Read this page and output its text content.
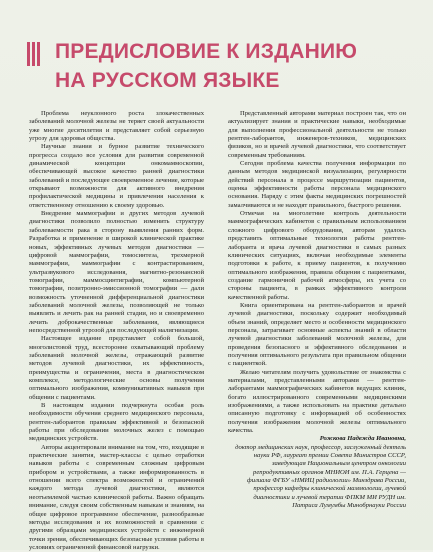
ПРЕДИСЛОВИЕ К ИЗДАНИЮ
НА РУССКОМ ЯЗЫКЕ

Проблема неуклонного роста злокачественных заболеваний молочной железы не теряет своей актуальности уже многие десятилетия и представляет собой серьезную угрозу для здоровья общества.

Научные знания и бурное развитие технического прогресса создало все условия для развития современной динамической концепции онкомаммоскопии, обеспечивающей высокое качество ранней диагностики заболеваний и последующее своевременное лечение, которые открывают возможности для активного внедрения профилактической медицины и привлечения населения к ответственному отношению к своему здоровью.

Внедрение маммографии и других методов лучевой диагностики позволило полностью изменить структуру заболеваемости рака в сторону выявления ранних форм. Разработка и применение в широкой клинической практике новых, эффективных лучевых методов диагностики — цифровой маммографии, томосинтеза, трехмерной маммографии, маммографии с контрастированием, ультразвукового исследования, магнитно-резонансной томографии, маммосцинтиграфии, компьютерной томографии, позитронно-эмиссионной томографии — дали возможность уточненной дифференциальной диагностики заболеваний молочной железы, позволяющей не только выявлять и лечить рак на ранней стадии, но и своевременно лечить доброкачественные заболевания, являющиеся непосредственной угрозой для последующей малигнизации.

Настоящее издание представляет собой большой, многолистовой труд, всесторонне охватывающий проблему заболеваний молочной железы, отражающий развитие методов лучевой диагностики, их эффективность, преимущества и ограничения, места в диагностическом комплексе, методологические основы получения оптимального изображения, коммуникативных навыков при общении с пациентами.

В настоящем издании подчеркнута особая роль необходимости обучения среднего медицинского персонала, рентген-лаборантов правилам эффективной и безопасной работы при обследовании молочных желез с помощью медицинских устройств.

Авторы акцентировали внимание на том, что, входящие в практические занятия, мастер-классы с целью отработки навыков работы с современным сложным цифровым прибором и устройствами, а также информированность в отношении всего спектра возможностей и ограничений каждого метода лучевой диагностики, являются неотъемлемой частью клинической работы. Важно обращать внимание, следуя своим собственным навыкам и знаниям, на общее цифровое программное обеспечение, разнообразные методы исследования и их возможностей в сравнении с другими образцами медицинских устройств с инженерной точки зрения, обеспечивающих безопасные условия работы в условиях ограниченной финансовой нагрузки.

Представленный авторами материал построен так, что он актуализирует знания и практические навыки, необходимые для выполнения профессиональной деятельности не только рентген-лаборантов, инженеров-техников, медицинских физиков, но и врачей лучевой диагностики, что соответствует современным требованиям.

Сегодня проблема качества получения информации по данным методов медицинской визуализации, регулярности действий персонала в процессе маршрутизации пациентов, оценка эффективности работы персонала медицинского основания. Наряду с этим факты медицинских погрешностей замалчиваются и не находят правильного, быстрого решения.

Отмечая на многолетние контроль деятельности маммографических кабинетов с правильным использованием сложного цифрового оборудования, авторам удалось представить оптимальные технологии работы рентген-лаборанта и врача лучевой диагностики в самых разных клинических ситуациях, включая необходимые элементы подготовки к работе, к приему пациентов, к получению оптимального изображения, правила общения с пациентками, создание гармоничной рабочей атмосферы, их учета со стороны пациента, в рамках эффективного контроля качественной работы.

Книга ориентирована на рентген-лаборантов и врачей лучевой диагностики, поскольку содержит необходимый объем знаний, определяет место и особенности медицинского персонала, затрагивает основные аспекты знаний в области лучевой диагностики заболеваний молочной железы, для проведения безопасного и эффективного обследования и получения оптимального результата при правильном общении с пациенткой.

Желаю читателям получить удовольствие от знакомства с материалами, представленными авторами — рентген-лаборантами маммографических кабинетов ведущих клиник, богато иллюстрированного современными медицинскими изображениями, а также использовать на практике детально описанную подготовку с информацией об особенностях получения изображения молочной железы оптимального качества.

Рожкова Надежда Ивановна,
доктор медицинских наук, профессор, заслуженный деятель науки РФ, лауреат премии Совета Министров СССР, заведующая Национальным центром онкологии репродуктивных органов МНИОИ им. П.А. Герцена — филиала ФГБУ «НМИЦ радиологии» Минздрава России, профессор кафедры клинической маммологии, лучевой диагностики и лучевой терапии ФПКМ МИ РУДН им. Патриса Лумумбы Минобрнауки России
